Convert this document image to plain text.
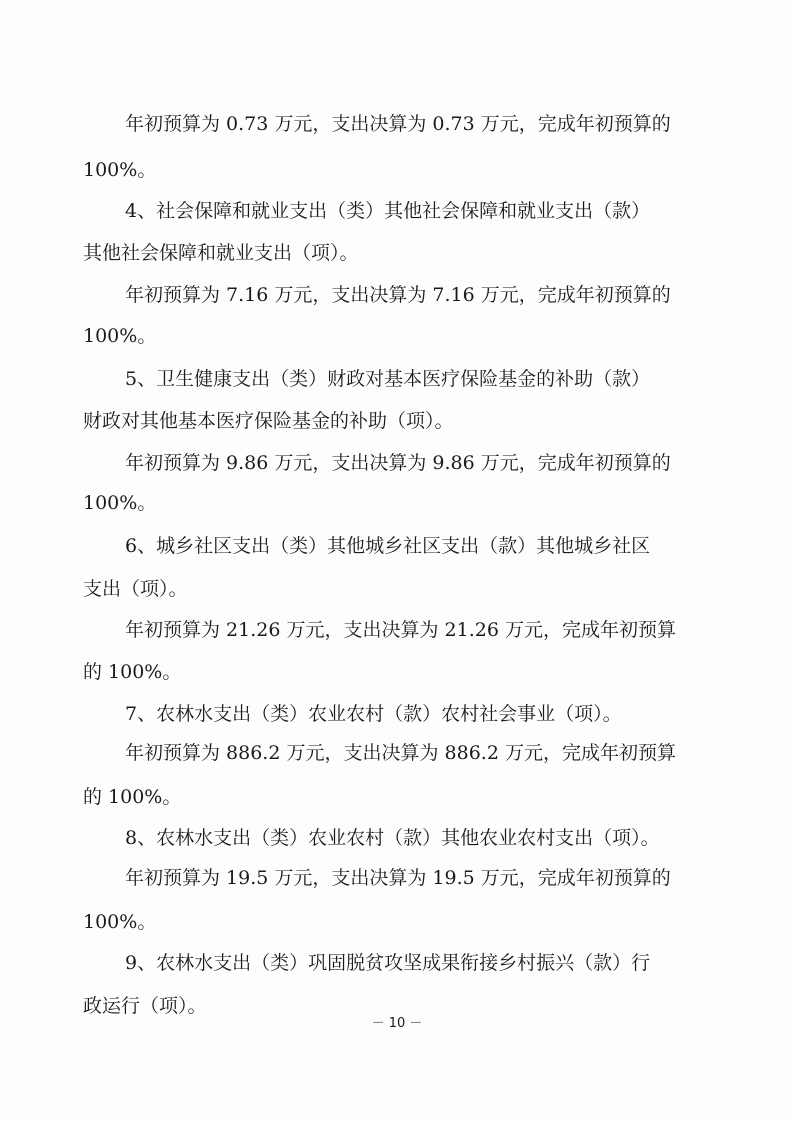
年初预算为 0.73 万元，支出决算为 0.73 万元，完成年初预算的

100%。

4、社会保障和就业支出（类）其他社会保障和就业支出（款）

其他社会保障和就业支出（项）。

年初预算为 7.16 万元，支出决算为 7.16 万元，完成年初预算的

100%。

5、卫生健康支出（类）财政对基本医疗保险基金的补助（款）

财政对其他基本医疗保险基金的补助（项）。

年初预算为 9.86 万元，支出决算为 9.86 万元，完成年初预算的

100%。

6、城乡社区支出（类）其他城乡社区支出（款）其他城乡社区

支出（项）。

年初预算为 21.26 万元，支出决算为 21.26 万元，完成年初预算

的 100%。

7、农林水支出（类）农业农村（款）农村社会事业（项）。

年初预算为 886.2 万元，支出决算为 886.2 万元，完成年初预算

的 100%。

8、农林水支出（类）农业农村（款）其他农业农村支出（项）。

年初预算为 19.5 万元，支出决算为 19.5 万元，完成年初预算的

100%。

9、农林水支出（类）巩固脱贫攻坚成果衔接乡村振兴（款）行

政运行（项）。

－ 10 －
